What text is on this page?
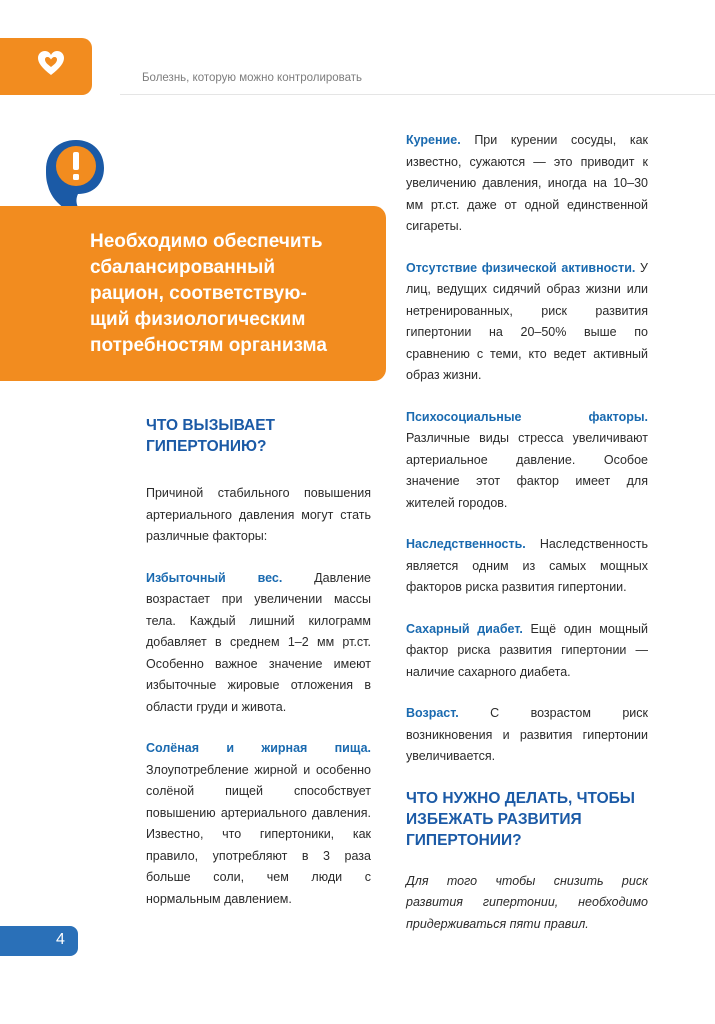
Болезнь, которую можно контролировать
Необходимо обеспечить
сбалансированный
рацион, соответствую-
щий физиологическим
потребностям организма
ЧТО ВЫЗЫВАЕТ
ГИПЕРТОНИЮ?

Причиной стабильного повышения артериального давления могут стать различные факторы:

Избыточный вес. Давление возрастает при увеличении массы тела. Каждый лишний килограмм добавляет в среднем 1–2 мм рт.ст. Особенно важное значение имеют избыточные жировые отложения в области груди и живота.

Солёная и жирная пища. Злоупотребление жирной и особенно солёной пищей способствует повышению артериального давления. Известно, что гипертоники, как правило, употребляют в 3 раза больше соли, чем люди с нормальным давлением.

Курение. При курении сосуды, как известно, сужаются — это приводит к увеличению давления, иногда на 10–30 мм рт.ст. даже от одной единственной сигареты.

Отсутствие физической активности. У лиц, ведущих сидячий образ жизни или нетренированных, риск развития гипертонии на 20–50% выше по сравнению с теми, кто ведет активный образ жизни.

Психосоциальные факторы. Различные виды стресса увеличивают артериальное давление. Особое значение этот фактор имеет для жителей городов.

Наследственность. Наследственность является одним из самых мощных факторов риска развития гипертонии.

Сахарный диабет. Ещё один мощный фактор риска развития гипертонии — наличие сахарного диабета.

Возраст. С возрастом риск возникновения и развития гипертонии увеличивается.

ЧТО НУЖНО ДЕЛАТЬ, ЧТОБЫ
ИЗБЕЖАТЬ РАЗВИТИЯ
ГИПЕРТОНИИ?

Для того чтобы снизить риск развития гипертонии, необходимо придерживаться пяти правил.

4
